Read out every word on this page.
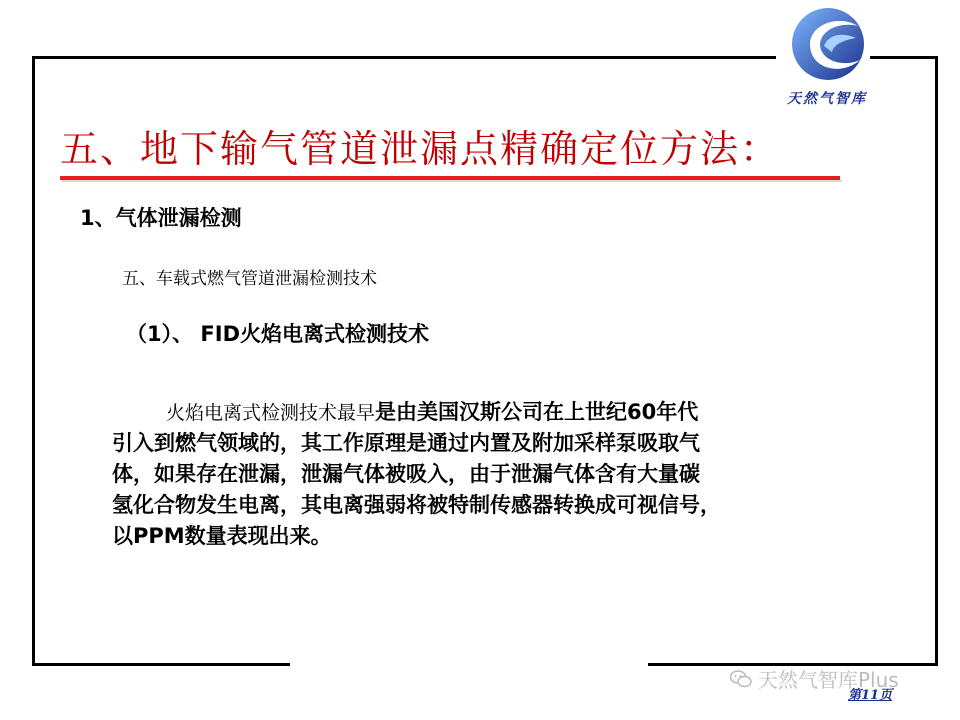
天然气智库
五、地下输气管道泄漏点精确定位方法：
1、气体泄漏检测
五、车载式燃气管道泄漏检测技术
（1）、 FID火焰电离式检测技术
火焰电离式检测技术最早是由美国汉斯公司在上世纪60年代
引入到燃气领域的，其工作原理是通过内置及附加采样泵吸取气
体，如果存在泄漏，泄漏气体被吸入，由于泄漏气体含有大量碳
氢化合物发生电离，其电离强弱将被特制传感器转换成可视信号，
以PPM数量表现出来。
天然气智库Plus
第11页
